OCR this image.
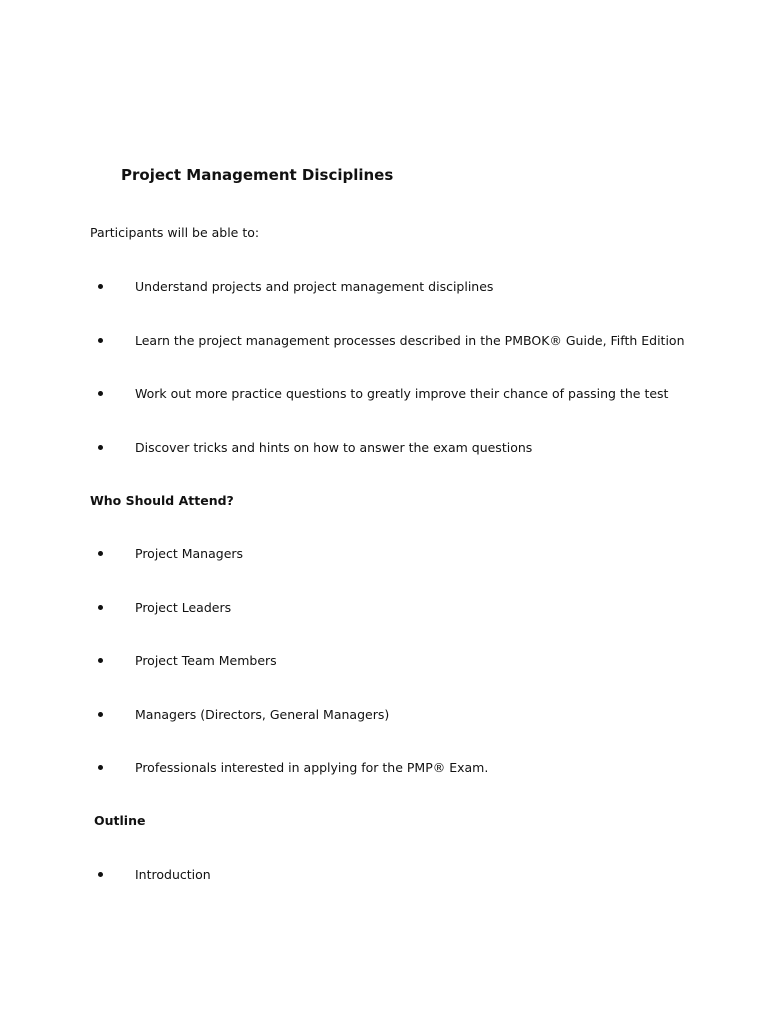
Project Management Disciplines
Participants will be able to:
Understand projects and project management disciplines
Learn the project management processes described in the PMBOK® Guide, Fifth Edition
Work out more practice questions to greatly improve their chance of passing the test
Discover tricks and hints on how to answer the exam questions
Who Should Attend?
Project Managers
Project Leaders
Project Team Members
Managers (Directors, General Managers)
Professionals interested in applying for the PMP® Exam.
Outline
Introduction
